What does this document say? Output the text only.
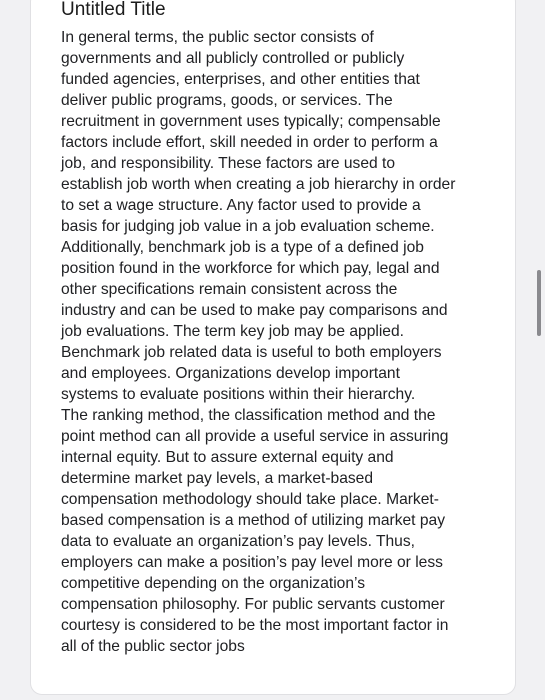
Untitled Title
In general terms, the public sector consists of
governments and all publicly controlled or publicly
funded agencies, enterprises, and other entities that
deliver public programs, goods, or services. The
recruitment in government uses typically; compensable
factors include effort, skill needed in order to perform a
job, and responsibility. These factors are used to
establish job worth when creating a job hierarchy in order
to set a wage structure. Any factor used to provide a
basis for judging job value in a job evaluation scheme.
Additionally, benchmark job is a type of a defined job
position found in the workforce for which pay, legal and
other specifications remain consistent across the
industry and can be used to make pay comparisons and
job evaluations. The term key job may be applied.
Benchmark job related data is useful to both employers
and employees. Organizations develop important
systems to evaluate positions within their hierarchy.
The ranking method, the classification method and the
point method can all provide a useful service in assuring
internal equity. But to assure external equity and
determine market pay levels, a market-based
compensation methodology should take place. Market-
based compensation is a method of utilizing market pay
data to evaluate an organization’s pay levels. Thus,
employers can make a position’s pay level more or less
competitive depending on the organization’s
compensation philosophy. For public servants customer
courtesy is considered to be the most important factor in
all of the public sector jobs
